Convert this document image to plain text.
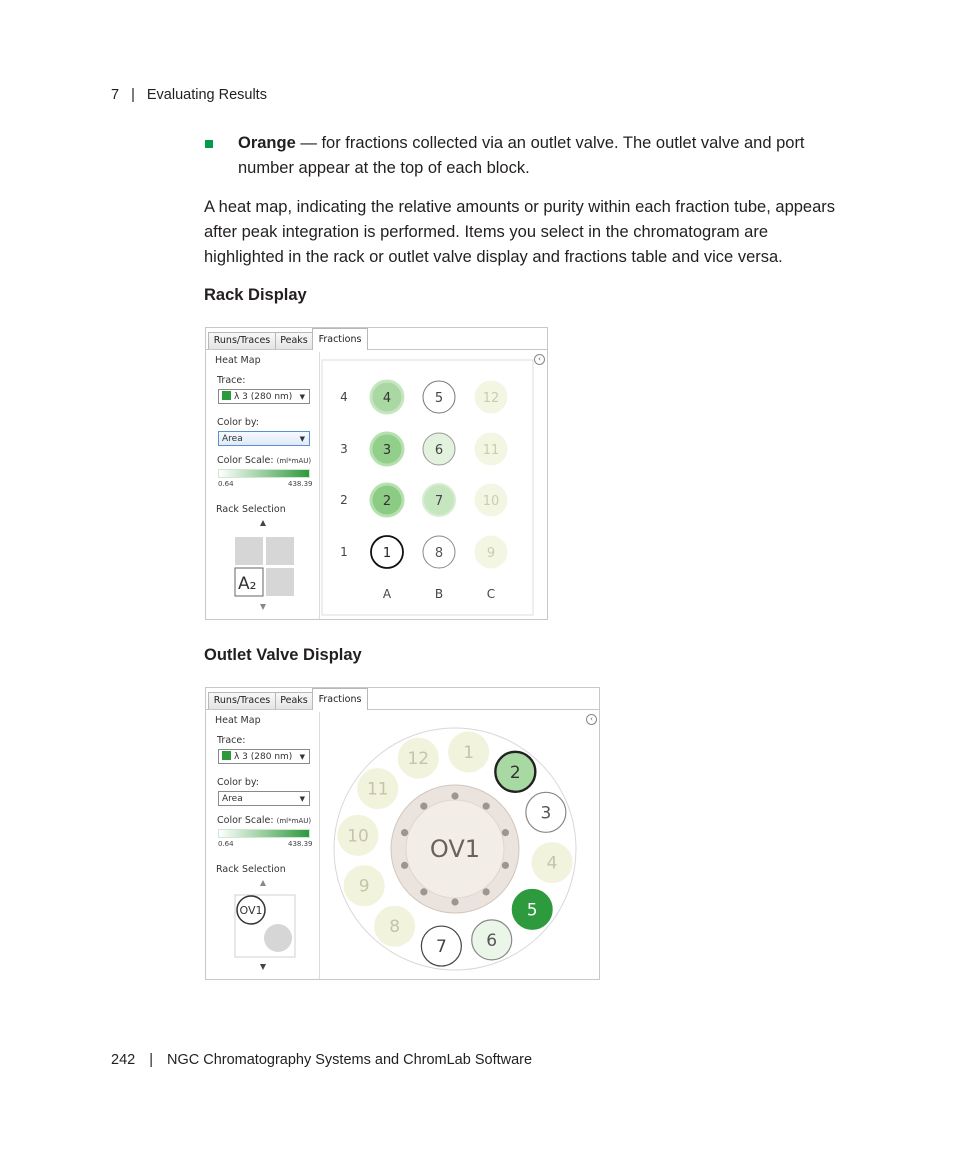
7 | Evaluating Results
Orange — for fractions collected via an outlet valve. The outlet valve and port number appear at the top of each block.
A heat map, indicating the relative amounts or purity within each fraction tube, appears after peak integration is performed. Items you select in the chromatogram are highlighted in the rack or outlet valve display and fractions table and vice versa.
Rack Display
Runs/Traces	Peaks	Fractions
Heat Map
Trace:
λ 3 (280 nm) ▼
Color by:
Area	▼
Color Scale: (ml*mAU)
0.64	438.39
Rack Selection
A₂
‹
4
3
2
1
A	B	C
4	5	12
3	6	11
2	7	10
1	8	9
Outlet Valve Display
Runs/Traces	Peaks	Fractions
Heat Map
Trace:
λ 3 (280 nm) ▼
Color by:
Area	▼
Color Scale: (ml*mAU)
0.64	438.39
Rack Selection
OV1
‹
OV1
1
2
3
4
5
6
7
8
9
10
11
12
242 | NGC Chromatography Systems and ChromLab Software
